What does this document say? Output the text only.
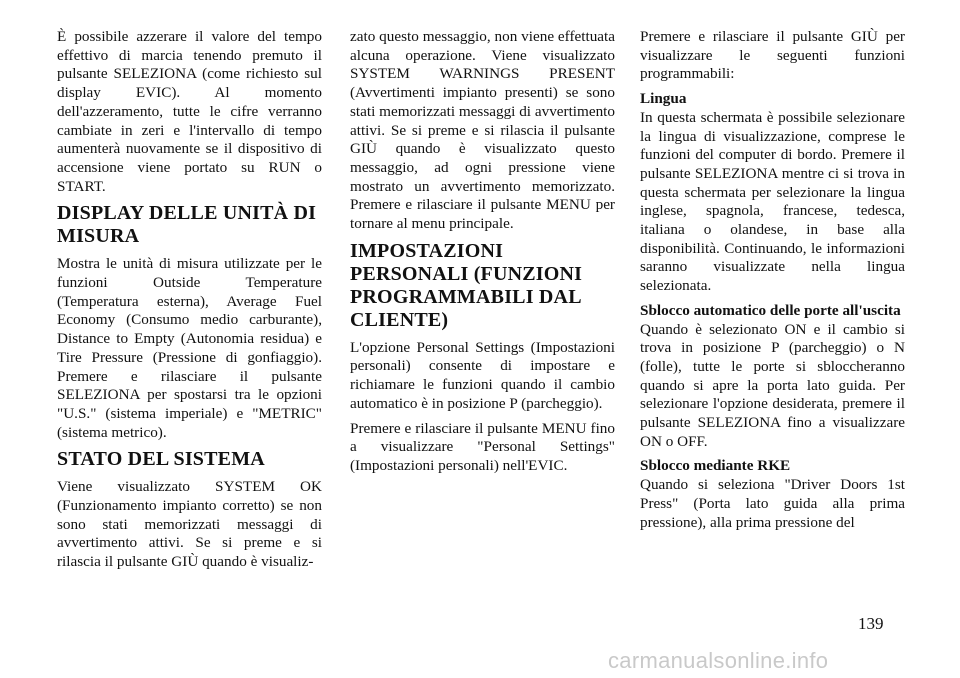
È possibile azzerare il valore del tempo effettivo di marcia tenendo premuto il pulsante SELEZIONA (come richiesto sul display EVIC). Al momento dell'azzeramento, tutte le cifre verranno cambiate in zeri e l'intervallo di tempo aumenterà nuovamente se il dispositivo di accensione viene portato su RUN o START.

DISPLAY DELLE UNITÀ DI MISURA

Mostra le unità di misura utilizzate per le funzioni Outside Temperature (Temperatura esterna), Average Fuel Economy (Consumo medio carburante), Distance to Empty (Autonomia residua) e Tire Pressure (Pressione di gonfiaggio). Premere e rilasciare il pulsante SELEZIONA per spostarsi tra le opzioni "U.S." (sistema imperiale) e "METRIC" (sistema metrico).

STATO DEL SISTEMA

Viene visualizzato SYSTEM OK (Funzionamento impianto corretto) se non sono stati memorizzati messaggi di avvertimento attivi. Se si preme e si rilascia il pulsante GIÙ quando è visualiz-

zato questo messaggio, non viene effettuata alcuna operazione. Viene visualizzato SYSTEM WARNINGS PRESENT (Avvertimenti impianto presenti) se sono stati memorizzati messaggi di avvertimento attivi. Se si preme e si rilascia il pulsante GIÙ quando è visualizzato questo messaggio, ad ogni pressione viene mostrato un avvertimento memorizzato. Premere e rilasciare il pulsante MENU per tornare al menu principale.

IMPOSTAZIONI PERSONALI (FUNZIONI PROGRAMMABILI DAL CLIENTE)

L'opzione Personal Settings (Impostazioni personali) consente di impostare e richiamare le funzioni quando il cambio automatico è in posizione P (parcheggio).

Premere e rilasciare il pulsante MENU fino a visualizzare "Personal Settings" (Impostazioni personali) nell'EVIC.

Premere e rilasciare il pulsante GIÙ per visualizzare le seguenti funzioni programmabili:

Lingua

In questa schermata è possibile selezionare la lingua di visualizzazione, comprese le funzioni del computer di bordo. Premere il pulsante SELEZIONA mentre ci si trova in questa schermata per selezionare la lingua inglese, spagnola, francese, tedesca, italiana o olandese, in base alla disponibilità. Continuando, le informazioni saranno visualizzate nella lingua selezionata.

Sblocco automatico delle porte all'uscita

Quando è selezionato ON e il cambio si trova in posizione P (parcheggio) o N (folle), tutte le porte si sbloccheranno quando si apre la porta lato guida. Per selezionare l'opzione desiderata, premere il pulsante SELEZIONA fino a visualizzare ON o OFF.

Sblocco mediante RKE

Quando si seleziona "Driver Doors 1st Press" (Porta lato guida alla prima pressione), alla prima pressione del

139
carmanualsonline.info
